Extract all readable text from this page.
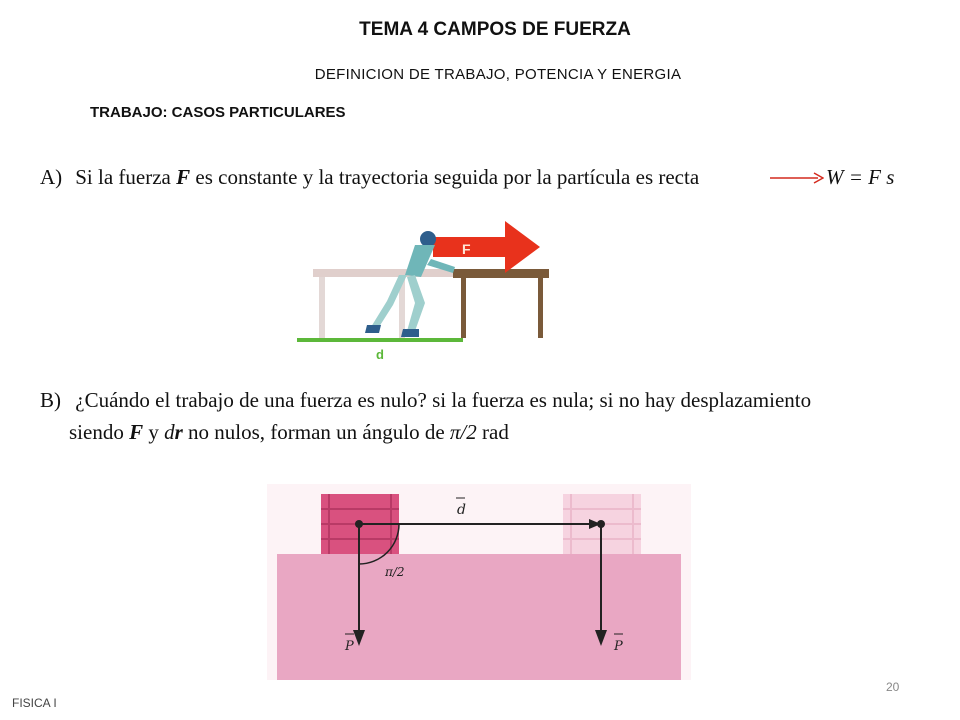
TEMA 4 CAMPOS DE FUERZA
DEFINICION DE TRABAJO, POTENCIA Y ENERGIA
TRABAJO: CASOS PARTICULARES
A) Si la fuerza F es constante y la trayectoria seguida por la partícula es recta	W = F s
F
d
B) ¿Cuándo el trabajo de una fuerza es nulo? si la fuerza es nula; si no hay desplazamiento
siendo F y dr no nulos, forman un ángulo de π/2 rad
π/2
d
P	P
FISICA I
20
